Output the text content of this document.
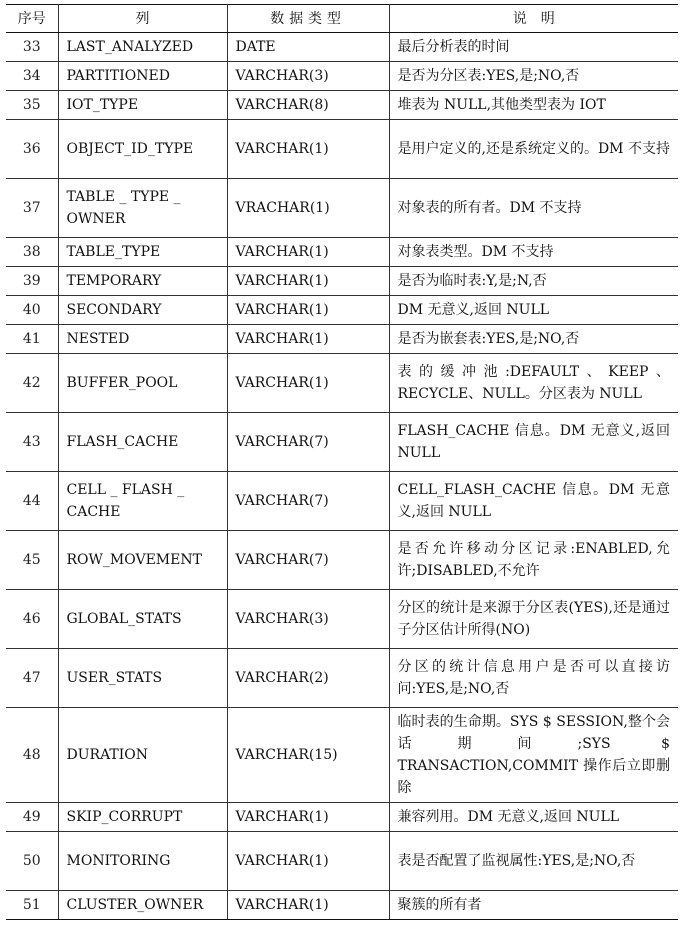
序号	列	数据类型	说　明
33	LAST_ANALYZED	DATE	最后分析表的时间
34	PARTITIONED	VARCHAR(3)	是否为分区表:YES,是;NO,否
35	IOT_TYPE	VARCHAR(8)	堆表为 NULL,其他类型表为 IOT
36	OBJECT_ID_TYPE	VARCHAR(1)	是用户定义的,还是系统定义的。DM 不支持
37	TABLE _ TYPE _ OWNER	VRACHAR(1)	对象表的所有者。DM 不支持
38	TABLE_TYPE	VARCHAR(1)	对象表类型。DM 不支持
39	TEMPORARY	VARCHAR(1)	是否为临时表:Y,是;N,否
40	SECONDARY	VARCHAR(1)	DM 无意义,返回 NULL
41	NESTED	VARCHAR(1)	是否为嵌套表:YES,是;NO,否
42	BUFFER_POOL	VARCHAR(1)	表的缓冲池:DEFAULT、KEEP、RECYCLE、NULL。分区表为 NULL
43	FLASH_CACHE	VARCHAR(7)	FLASH_CACHE 信息。DM 无意义,返回 NULL
44	CELL _ FLASH _ CACHE	VARCHAR(7)	CELL_FLASH_CACHE 信息。DM 无意义,返回 NULL
45	ROW_MOVEMENT	VARCHAR(7)	是否允许移动分区记录:ENABLED,允许;DISABLED,不允许
46	GLOBAL_STATS	VARCHAR(3)	分区的统计是来源于分区表(YES),还是通过子分区估计所得(NO)
47	USER_STATS	VARCHAR(2)	分区的统计信息用户是否可以直接访问:YES,是;NO,否
48	DURATION	VARCHAR(15)	临时表的生命期。SYS $ SESSION,整个会话期间;SYS $ TRANSACTION,COMMIT 操作后立即删除
49	SKIP_CORRUPT	VARCHAR(1)	兼容列用。DM 无意义,返回 NULL
50	MONITORING	VARCHAR(1)	表是否配置了监视属性:YES,是;NO,否
51	CLUSTER_OWNER	VARCHAR(1)	聚簇的所有者
